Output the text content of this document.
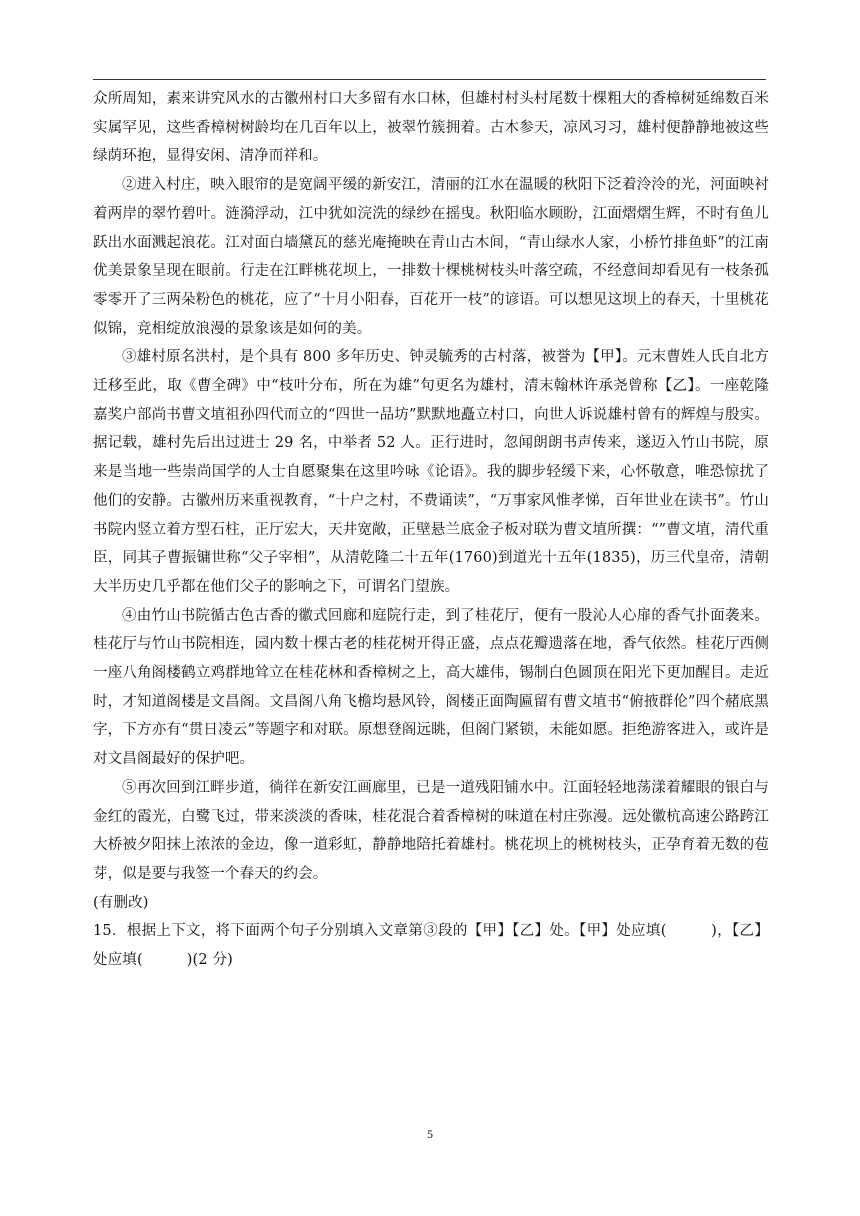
众所周知，素来讲究风水的古徽州村口大多留有水口林，但雄村村头村尾数十棵粗大的香樟树延绵数百米实属罕见，这些香樟树树龄均在几百年以上，被翠竹簇拥着。古木参天，凉风习习，雄村便静静地被这些绿荫环抱，显得安闲、清净而祥和。

②进入村庄，映入眼帘的是宽阔平缓的新安江，清丽的江水在温暖的秋阳下泛着泠泠的光，河面映衬着两岸的翠竹碧叶。涟漪浮动，江中犹如浣洗的绿纱在摇曳。秋阳临水顾盼，江面熠熠生辉，不时有鱼儿跃出水面溅起浪花。江对面白墙黛瓦的慈光庵掩映在青山古木间，“青山绿水人家，小桥竹排鱼虾”的江南优美景象呈现在眼前。行走在江畔桃花坝上，一排数十棵桃树枝头叶落空疏，不经意间却看见有一枝条孤零零开了三两朵粉色的桃花，应了“十月小阳春，百花开一枝”的谚语。可以想见这坝上的春天，十里桃花似锦，竞相绽放浪漫的景象该是如何的美。

③雄村原名洪村，是个具有 800 多年历史、钟灵毓秀的古村落，被誉为【甲】。元末曹姓人氏自北方迁移至此，取《曹全碑》中“枝叶分布，所在为雄”句更名为雄村，清末翰林许承尧曾称【乙】。一座乾隆嘉奖户部尚书曹文埴祖孙四代而立的“四世一品坊”默默地矗立村口，向世人诉说雄村曾有的辉煌与殷实。据记载，雄村先后出过进士 29 名，中举者 52 人。正行进时，忽闻朗朗书声传来，遂迈入竹山书院，原来是当地一些崇尚国学的人士自愿聚集在这里吟咏《论语》。我的脚步轻缓下来，心怀敬意，唯恐惊扰了他们的安静。古徽州历来重视教育，“十户之村，不费诵读”，“万事家风惟孝悌，百年世业在读书”。竹山书院内竖立着方型石柱，正厅宏大，天井宽敞，正壁悬兰底金子板对联为曹文埴所撰：“”曹文埴，清代重臣，同其子曹振镛世称“父子宰相”，从清乾隆二十五年(1760)到道光十五年(1835)，历三代皇帝，清朝大半历史几乎都在他们父子的影响之下，可谓名门望族。

④由竹山书院循古色古香的徽式回廊和庭院行走，到了桂花厅，便有一股沁人心扉的香气扑面袭来。桂花厅与竹山书院相连，园内数十棵古老的桂花树开得正盛，点点花瓣遗落在地，香气依然。桂花厅西侧一座八角阁楼鹤立鸡群地耸立在桂花林和香樟树之上，高大雄伟，锡制白色圆顶在阳光下更加醒目。走近时，才知道阁楼是文昌阁。文昌阁八角飞檐均悬风铃，阁楼正面陶匾留有曹文埴书“俯掖群伦”四个赭底黑字，下方亦有“贯日凌云”等题字和对联。原想登阁远眺，但阁门紧锁，未能如愿。拒绝游客进入，或许是对文昌阁最好的保护吧。

⑤再次回到江畔步道，徜徉在新安江画廊里，已是一道残阳铺水中。江面轻轻地荡漾着耀眼的银白与金红的霞光，白鹭飞过，带来淡淡的香味，桂花混合着香樟树的味道在村庄弥漫。远处徽杭高速公路跨江大桥被夕阳抹上浓浓的金边，像一道彩虹，静静地陪托着雄村。桃花坝上的桃树枝头，正孕育着无数的苞芽，似是要与我签一个春天的约会。

(有删改)

15．根据上下文，将下面两个句子分别填入文章第③段的【甲】【乙】处。【甲】处应填(　　　)，【乙】处应填(　　　)(2 分)

5
